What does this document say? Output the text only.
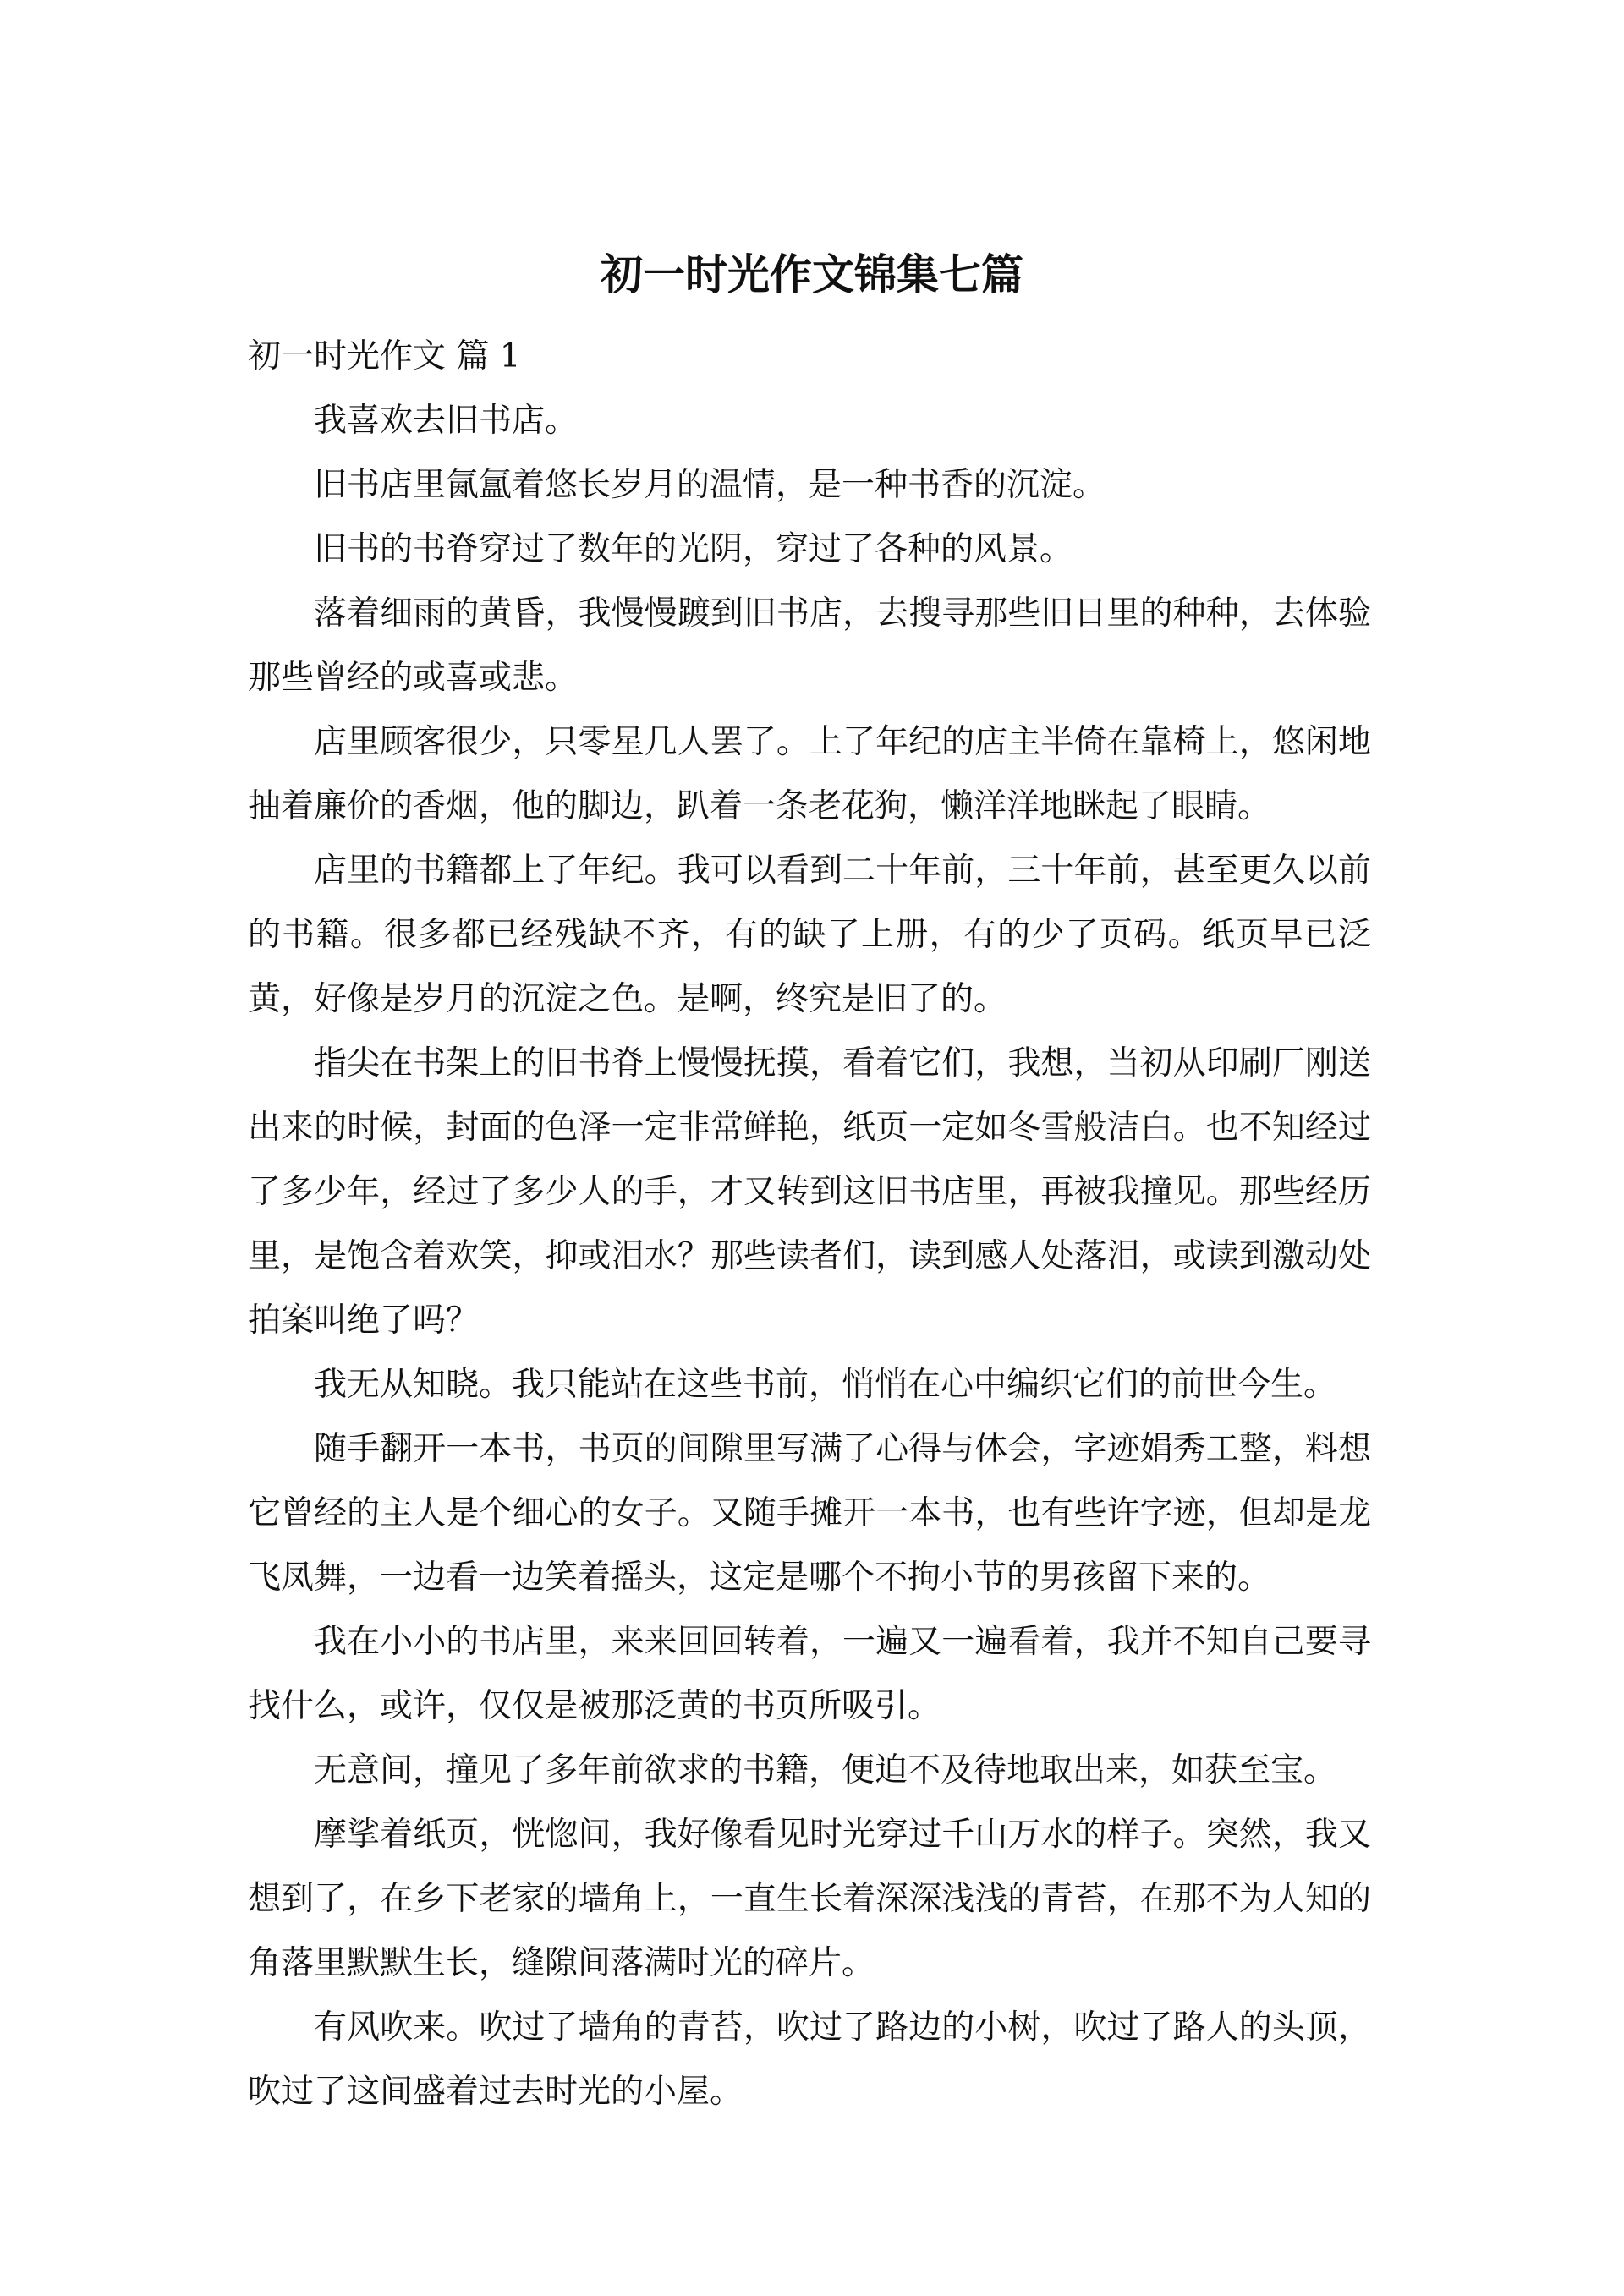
初一时光作文锦集七篇

初一时光作文 篇 1

我喜欢去旧书店。

旧书店里氤氲着悠长岁月的温情，是一种书香的沉淀。

旧书的书脊穿过了数年的光阴，穿过了各种的风景。

落着细雨的黄昏，我慢慢踱到旧书店，去搜寻那些旧日里的种种，去体验那些曾经的或喜或悲。

店里顾客很少，只零星几人罢了。上了年纪的店主半倚在靠椅上，悠闲地抽着廉价的香烟，他的脚边，趴着一条老花狗，懒洋洋地眯起了眼睛。

店里的书籍都上了年纪。我可以看到二十年前，三十年前，甚至更久以前的书籍。很多都已经残缺不齐，有的缺了上册，有的少了页码。纸页早已泛黄，好像是岁月的沉淀之色。是啊，终究是旧了的。

指尖在书架上的旧书脊上慢慢抚摸，看着它们，我想，当初从印刷厂刚送出来的时候，封面的色泽一定非常鲜艳，纸页一定如冬雪般洁白。也不知经过了多少年，经过了多少人的手，才又转到这旧书店里，再被我撞见。那些经历里，是饱含着欢笑，抑或泪水？那些读者们，读到感人处落泪，或读到激动处拍案叫绝了吗？

我无从知晓。我只能站在这些书前，悄悄在心中编织它们的前世今生。

随手翻开一本书，书页的间隙里写满了心得与体会，字迹娟秀工整，料想它曾经的主人是个细心的女子。又随手摊开一本书，也有些许字迹，但却是龙飞凤舞，一边看一边笑着摇头，这定是哪个不拘小节的男孩留下来的。

我在小小的书店里，来来回回转着，一遍又一遍看着，我并不知自己要寻找什么，或许，仅仅是被那泛黄的书页所吸引。

无意间，撞见了多年前欲求的书籍，便迫不及待地取出来，如获至宝。

摩挲着纸页，恍惚间，我好像看见时光穿过千山万水的样子。突然，我又想到了，在乡下老家的墙角上，一直生长着深深浅浅的青苔，在那不为人知的角落里默默生长，缝隙间落满时光的碎片。

有风吹来。吹过了墙角的青苔，吹过了路边的小树，吹过了路人的头顶，吹过了这间盛着过去时光的小屋。
